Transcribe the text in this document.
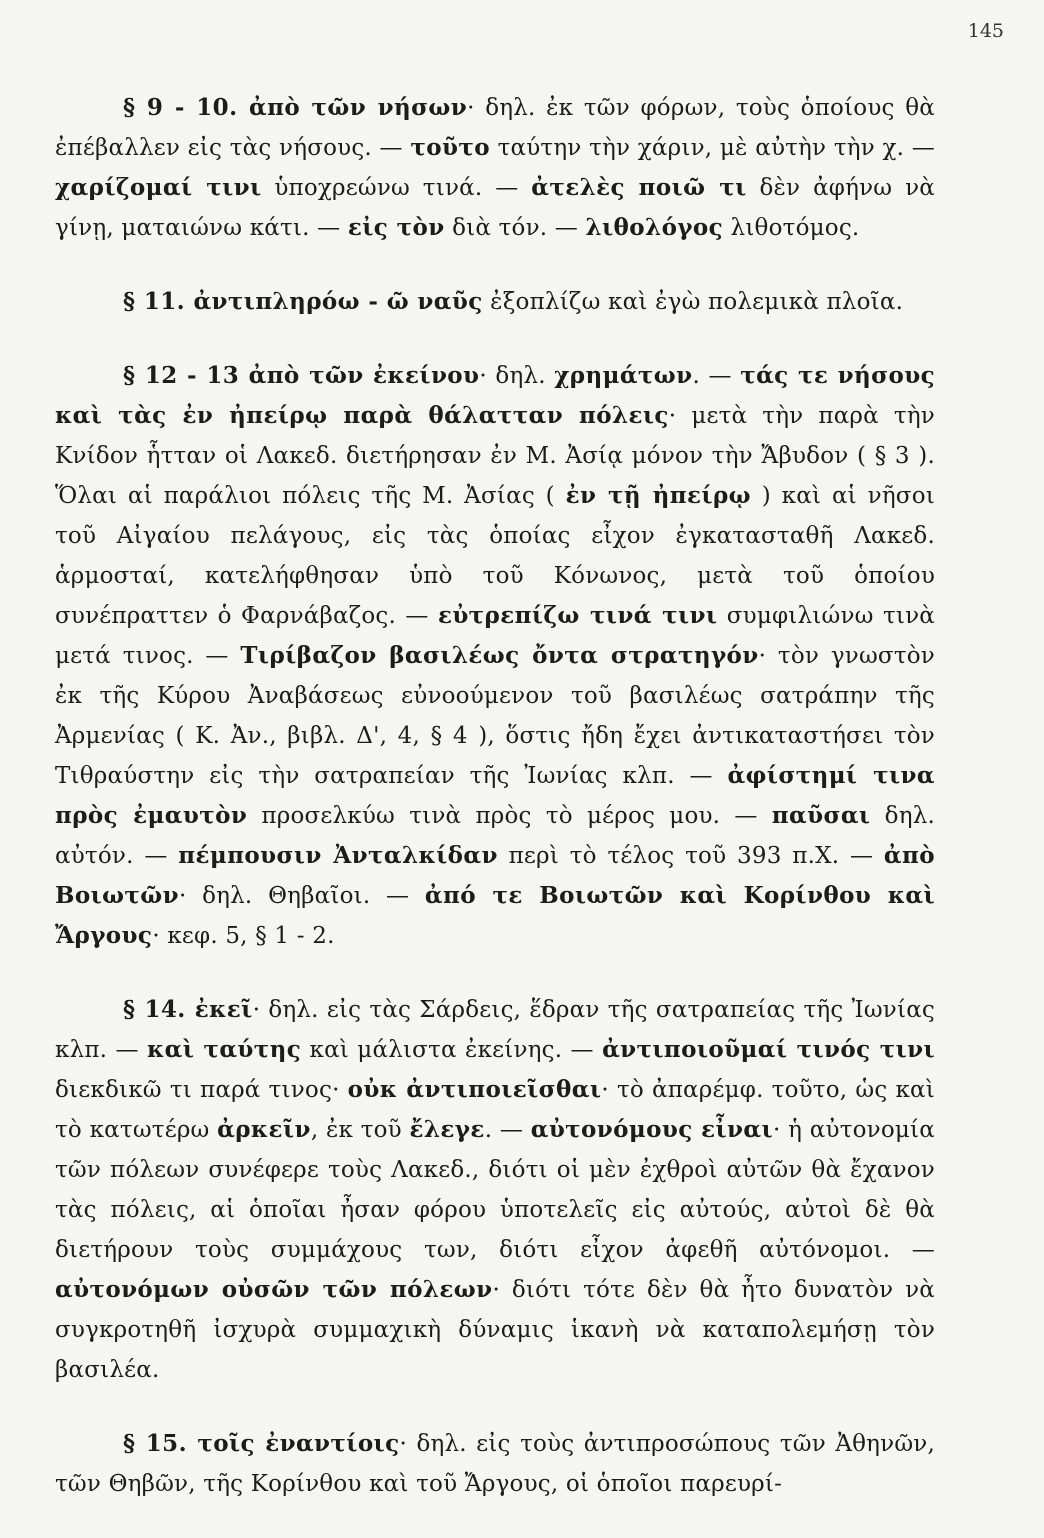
145

§ 9 - 10. ἀπὸ τῶν νήσων· δηλ. ἐκ τῶν φόρων, τοὺς ὁποίους θὰ ἐπέβαλλεν εἰς τὰς νήσους. — τοῦτο ταύτην τὴν χάριν, μὲ αὐτὴν τὴν χ. — χαρίζομαί τινι ὑποχρεώνω τινά. — ἀτελὲς ποιῶ τι δὲν ἀφήνω νὰ γίνῃ, ματαιώνω κάτι. — εἰς τὸν διὰ τόν. — λιθολόγος λιθοτόμος.

§ 11. ἀντιπληρόω - ῶ ναῦς ἐξοπλίζω καὶ ἐγὼ πολεμικὰ πλοῖα.

§ 12 - 13 ἀπὸ τῶν ἐκείνου· δηλ. χρημάτων. — τάς τε νήσους καὶ τὰς ἐν ἠπείρῳ παρὰ θάλατταν πόλεις· μετὰ τὴν παρὰ τὴν Κνίδον ἧτταν οἱ Λακεδ. διετήρησαν ἐν Μ. Ἀσίᾳ μόνον τὴν Ἄβυδον ( § 3 ). Ὅλαι αἱ παράλιοι πόλεις τῆς Μ. Ἀσίας ( ἐν τῇ ἠπείρῳ ) καὶ αἱ νῆσοι τοῦ Αἰγαίου πελάγους, εἰς τὰς ὁποίας εἶχον ἐγκατασταθῆ Λακεδ. ἁρμοσταί, κατελήφθησαν ὑπὸ τοῦ Κόνωνος, μετὰ τοῦ ὁποίου συνέπραττεν ὁ Φαρνάβαζος. — εὐτρεπίζω τινά τινι συμφιλιώνω τινὰ μετά τινος. — Τιρίβαζον βασιλέως ὄντα στρατηγόν· τὸν γνωστὸν ἐκ τῆς Κύρου Ἀναβάσεως εὐνοούμενον τοῦ βασιλέως σατράπην τῆς Ἀρμενίας ( Κ. Ἀν., βιβλ. Δ', 4, § 4 ), ὅστις ἤδη ἔχει ἀντικαταστήσει τὸν Τιθραύστην εἰς τὴν σατραπείαν τῆς Ἰωνίας κλπ. — ἀφίστημί τινα πρὸς ἐμαυτὸν προσελκύω τινὰ πρὸς τὸ μέρος μου. — παῦσαι δηλ. αὐτόν. — πέμπουσιν Ἀνταλκίδαν περὶ τὸ τέλος τοῦ 393 π.Χ. — ἀπὸ Βοιωτῶν· δηλ. Θηβαῖοι. — ἀπό τε Βοιωτῶν καὶ Κορίνθου καὶ Ἄργους· κεφ. 5, § 1 - 2.

§ 14. ἐκεῖ· δηλ. εἰς τὰς Σάρδεις, ἕδραν τῆς σατραπείας τῆς Ἰωνίας κλπ. — καὶ ταύτης καὶ μάλιστα ἐκείνης. — ἀντιποιοῦμαί τινός τινι διεκδικῶ τι παρά τινος· οὐκ ἀντιποιεῖσθαι· τὸ ἀπαρέμφ. τοῦτο, ὡς καὶ τὸ κατωτέρω ἀρκεῖν, ἐκ τοῦ ἔλεγε. — αὐτονόμους εἶναι· ἡ αὐτονομία τῶν πόλεων συνέφερε τοὺς Λακεδ., διότι οἱ μὲν ἐχθροὶ αὐτῶν θὰ ἔχανον τὰς πόλεις, αἱ ὁποῖαι ἦσαν φόρου ὑποτελεῖς εἰς αὐτούς, αὐτοὶ δὲ θὰ διετήρουν τοὺς συμμάχους των, διότι εἶχον ἀφεθῆ αὐτόνομοι. — αὐτονόμων οὐσῶν τῶν πόλεων· διότι τότε δὲν θὰ ἦτο δυνατὸν νὰ συγκροτηθῆ ἰσχυρὰ συμμαχικὴ δύναμις ἱκανὴ νὰ καταπολεμήσῃ τὸν βασιλέα.

§ 15. τοῖς ἐναντίοις· δηλ. εἰς τοὺς ἀντιπροσώπους τῶν Ἀθηνῶν, τῶν Θηβῶν, τῆς Κορίνθου καὶ τοῦ Ἄργους, οἱ ὁποῖοι παρευρί-
